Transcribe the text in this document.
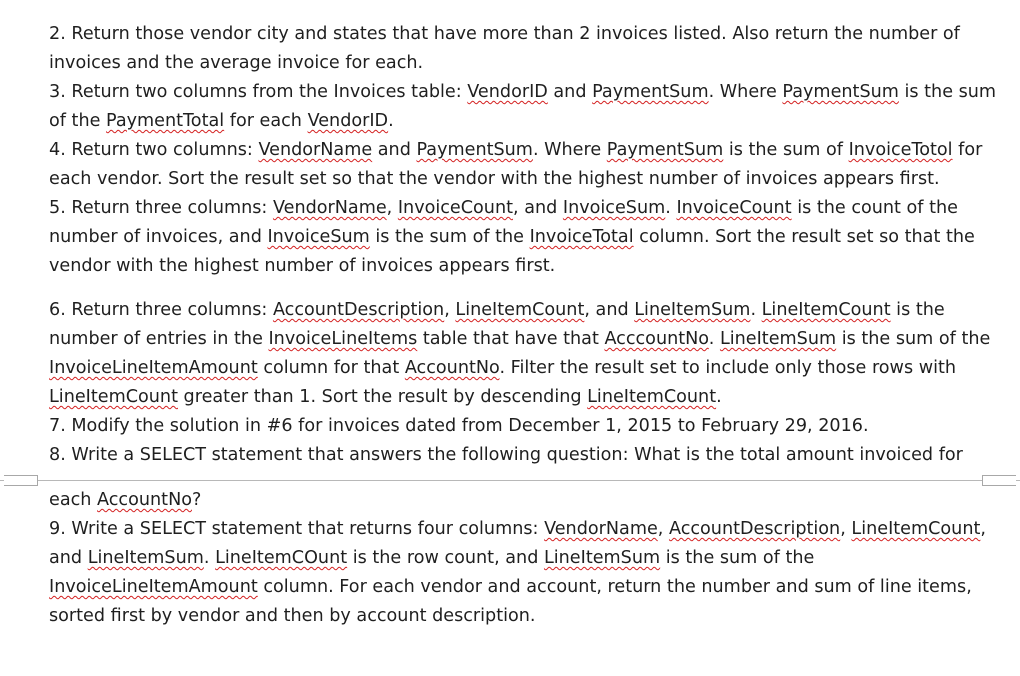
2. Return those vendor city and states that have more than 2 invoices listed. Also return the number of invoices and the average invoice for each.

3. Return two columns from the Invoices table: VendorID and PaymentSum. Where PaymentSum is the sum of the PaymentTotal for each VendorID.

4. Return two columns: VendorName and PaymentSum. Where PaymentSum is the sum of InvoiceTotol for each vendor. Sort the result set so that the vendor with the highest number of invoices appears first.

5. Return three columns: VendorName, InvoiceCount, and InvoiceSum. InvoiceCount is the count of the number of invoices, and InvoiceSum is the sum of the InvoiceTotal column. Sort the result set so that the vendor with the highest number of invoices appears first.

6. Return three columns: AccountDescription, LineItemCount, and LineItemSum. LineItemCount is the number of entries in the InvoiceLineItems table that have that AcccountNo. LineItemSum is the sum of the InvoiceLineItemAmount column for that AccountNo. Filter the result set to include only those rows with LineItemCount greater than 1. Sort the result by descending LineItemCount.

7. Modify the solution in #6 for invoices dated from December 1, 2015 to February 29, 2016.

8. Write a SELECT statement that answers the following question: What is the total amount invoiced for

each AccountNo?

9. Write a SELECT statement that returns four columns: VendorName, AccountDescription, LineItemCount, and LineItemSum. LineItemCOunt is the row count, and LineItemSum is the sum of the InvoiceLineItemAmount column. For each vendor and account, return the number and sum of line items, sorted first by vendor and then by account description.
